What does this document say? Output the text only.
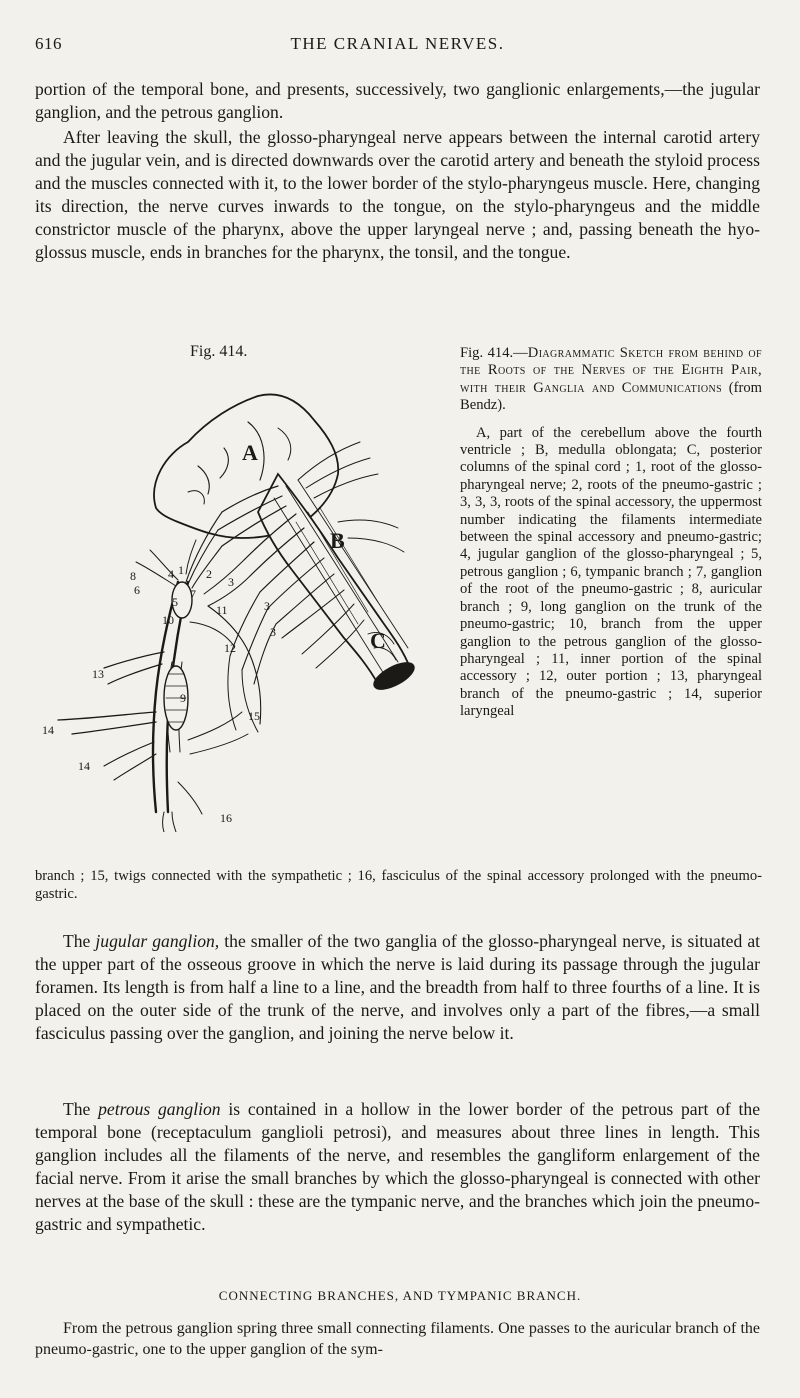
616	THE CRANIAL NERVES.

portion of the temporal bone, and presents, successively, two ganglionic enlargements,—the jugular ganglion, and the petrous ganglion.

After leaving the skull, the glosso-pharyngeal nerve appears between the internal carotid artery and the jugular vein, and is directed downwards over the carotid artery and beneath the styloid process and the muscles connected with it, to the lower border of the stylo-pharyngeus muscle. Here, changing its direction, the nerve curves inwards to the tongue, on the stylo-pharyngeus and the middle constrictor muscle of the pharynx, above the upper laryngeal nerve ; and, passing beneath the hyo-glossus muscle, ends in branches for the pharynx, the tonsil, and the tongue.

Fig. 414.
A
B
C
1 2
3
3
3
4
5
6	7
8
9
10
11
12
13
14
14
15
16

Fig. 414.—Diagrammatic Sketch from behind of the Roots of the Nerves of the Eighth Pair, with their Ganglia and Communications (from Bendz).

A, part of the cerebellum above the fourth ventricle ; B, medulla oblongata; C, posterior columns of the spinal cord ; 1, root of the glosso-pharyngeal nerve; 2, roots of the pneumo-gastric ; 3, 3, 3, roots of the spinal accessory, the uppermost number indicating the filaments intermediate between the spinal accessory and pneumo-gastric; 4, jugular ganglion of the glosso-pharyngeal ; 5, petrous ganglion ; 6, tympanic branch ; 7, ganglion of the root of the pneumo-gastric ; 8, auricular branch ; 9, long ganglion on the trunk of the pneumo-gastric; 10, branch from the upper ganglion to the petrous ganglion of the glosso-pharyngeal ; 11, inner portion of the spinal accessory ; 12, outer portion ; 13, pharyngeal branch of the pneumo-gastric ; 14, superior laryngeal

branch ; 15, twigs connected with the sympathetic ; 16, fasciculus of the spinal accessory prolonged with the pneumo-gastric.

The jugular ganglion, the smaller of the two ganglia of the glosso-pharyngeal nerve, is situated at the upper part of the osseous groove in which the nerve is laid during its passage through the jugular foramen. Its length is from half a line to a line, and the breadth from half to three fourths of a line. It is placed on the outer side of the trunk of the nerve, and involves only a part of the fibres,—a small fasciculus passing over the ganglion, and joining the nerve below it.

The petrous ganglion is contained in a hollow in the lower border of the petrous part of the temporal bone (receptaculum ganglioli petrosi), and measures about three lines in length. This ganglion includes all the filaments of the nerve, and resembles the gangliform enlargement of the facial nerve. From it arise the small branches by which the glosso-pharyngeal is connected with other nerves at the base of the skull : these are the tympanic nerve, and the branches which join the pneumo-gastric and sympathetic.

CONNECTING BRANCHES, AND TYMPANIC BRANCH.

From the petrous ganglion spring three small connecting filaments. One passes to the auricular branch of the pneumo-gastric, one to the upper ganglion of the sym-
